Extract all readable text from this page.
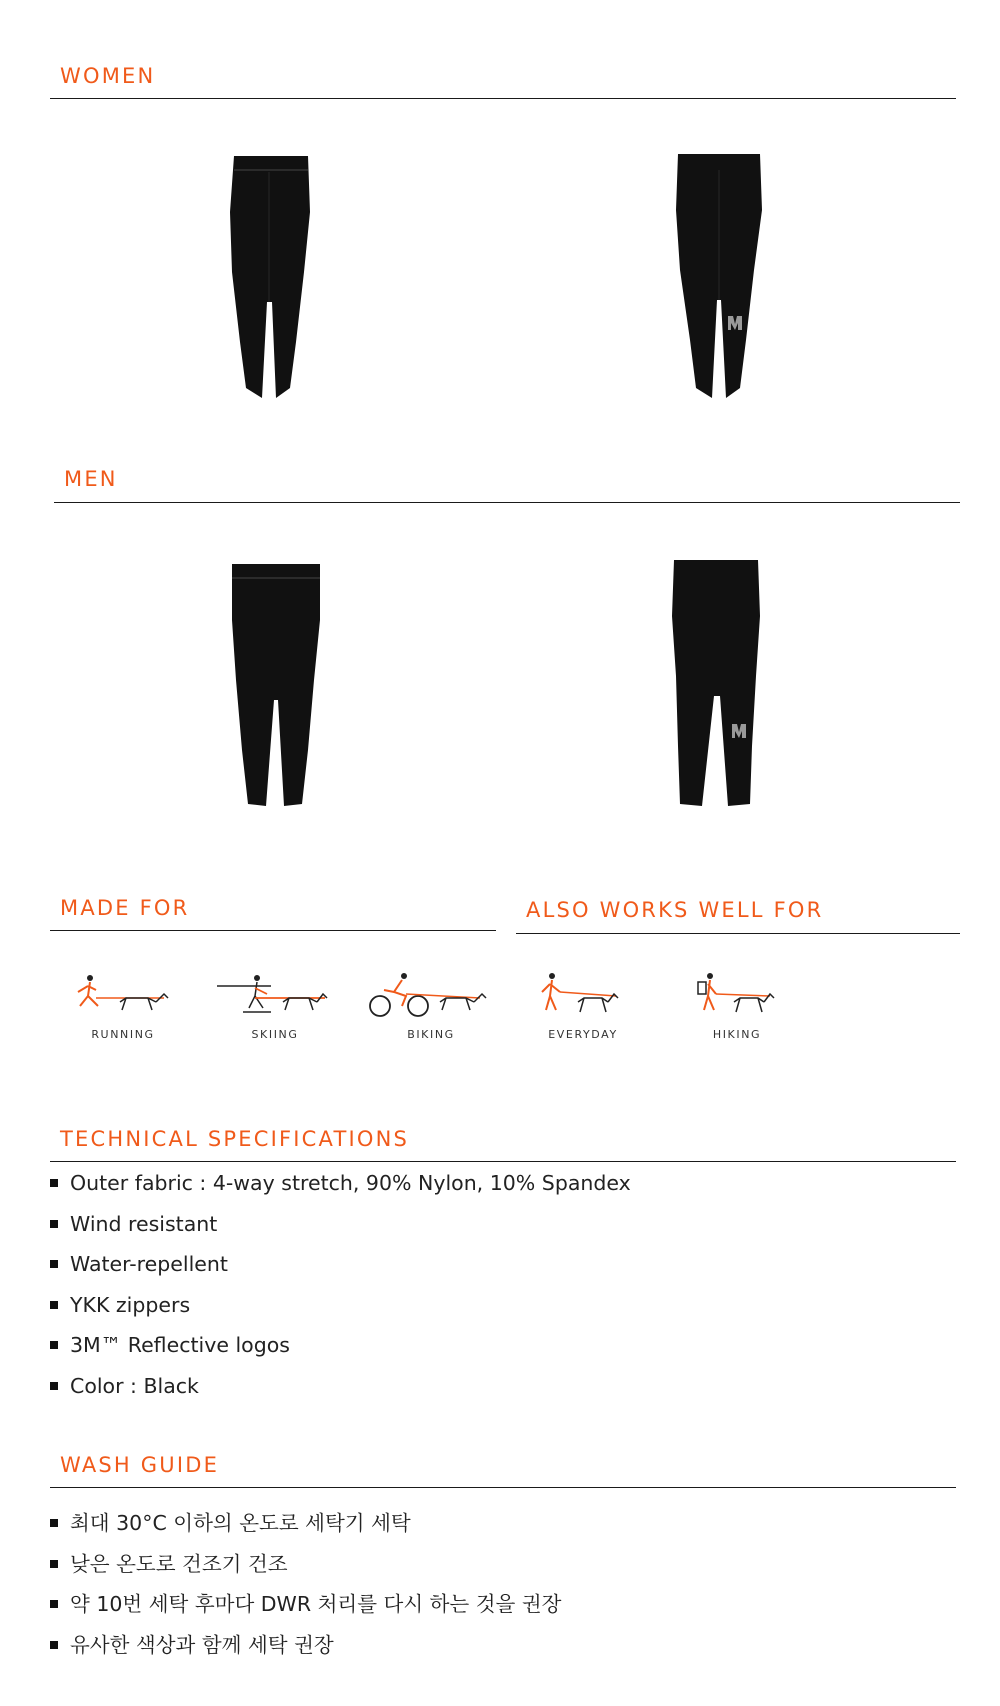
WOMEN
MEN
MADE FOR	ALSO WORKS WELL FOR
RUNNING	SKIING	BIKING	EVERYDAY	HIKING
TECHNICAL SPECIFICATIONS
Outer fabric : 4-way stretch, 90% Nylon, 10% Spandex
Wind resistant
Water-repellent
YKK zippers
3M™ Reflective logos
Color : Black
WASH GUIDE
최대 30°C 이하의 온도로 세탁기 세탁
낮은 온도로 건조기 건조
약 10번 세탁 후마다 DWR 처리를 다시 하는 것을 권장
유사한 색상과 함께 세탁 권장
